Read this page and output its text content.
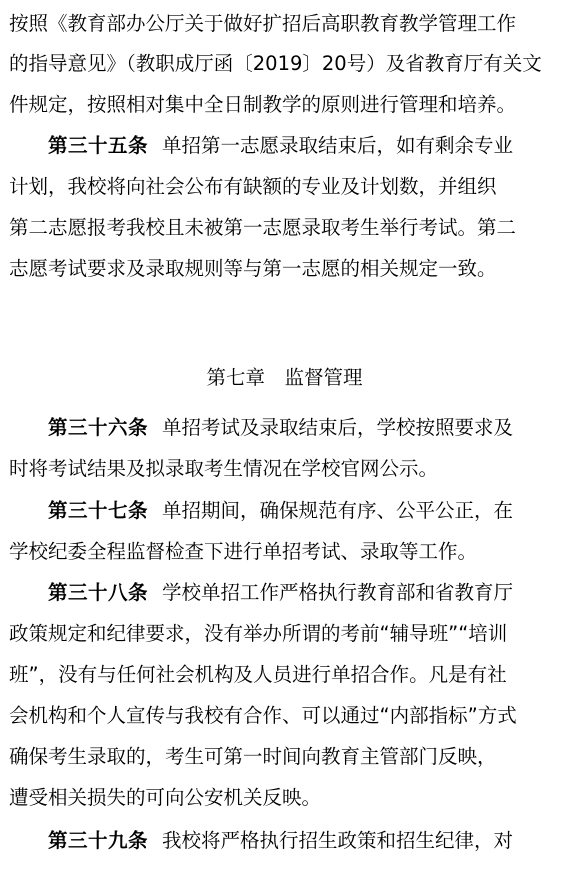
按照《教育部办公厅关于做好扩招后高职教育教学管理工作
的指导意见》（教职成厅函〔2019〕20号）及省教育厅有关文
件规定，按照相对集中全日制教学的原则进行管理和培养。
第三十五条 单招第一志愿录取结束后，如有剩余专业
计划，我校将向社会公布有缺额的专业及计划数，并组织
第二志愿报考我校且未被第一志愿录取考生举行考试。第二
志愿考试要求及录取规则等与第一志愿的相关规定一致。
第七章　监督管理
第三十六条 单招考试及录取结束后，学校按照要求及
时将考试结果及拟录取考生情况在学校官网公示。
第三十七条 单招期间，确保规范有序、公平公正，在
学校纪委全程监督检查下进行单招考试、录取等工作。
第三十八条 学校单招工作严格执行教育部和省教育厅
政策规定和纪律要求，没有举办所谓的考前“辅导班”“培训
班”，没有与任何社会机构及人员进行单招合作。凡是有社
会机构和个人宣传与我校有合作、可以通过“内部指标”方式
确保考生录取的，考生可第一时间向教育主管部门反映，
遭受相关损失的可向公安机关反映。
第三十九条 我校将严格执行招生政策和招生纪律，对
